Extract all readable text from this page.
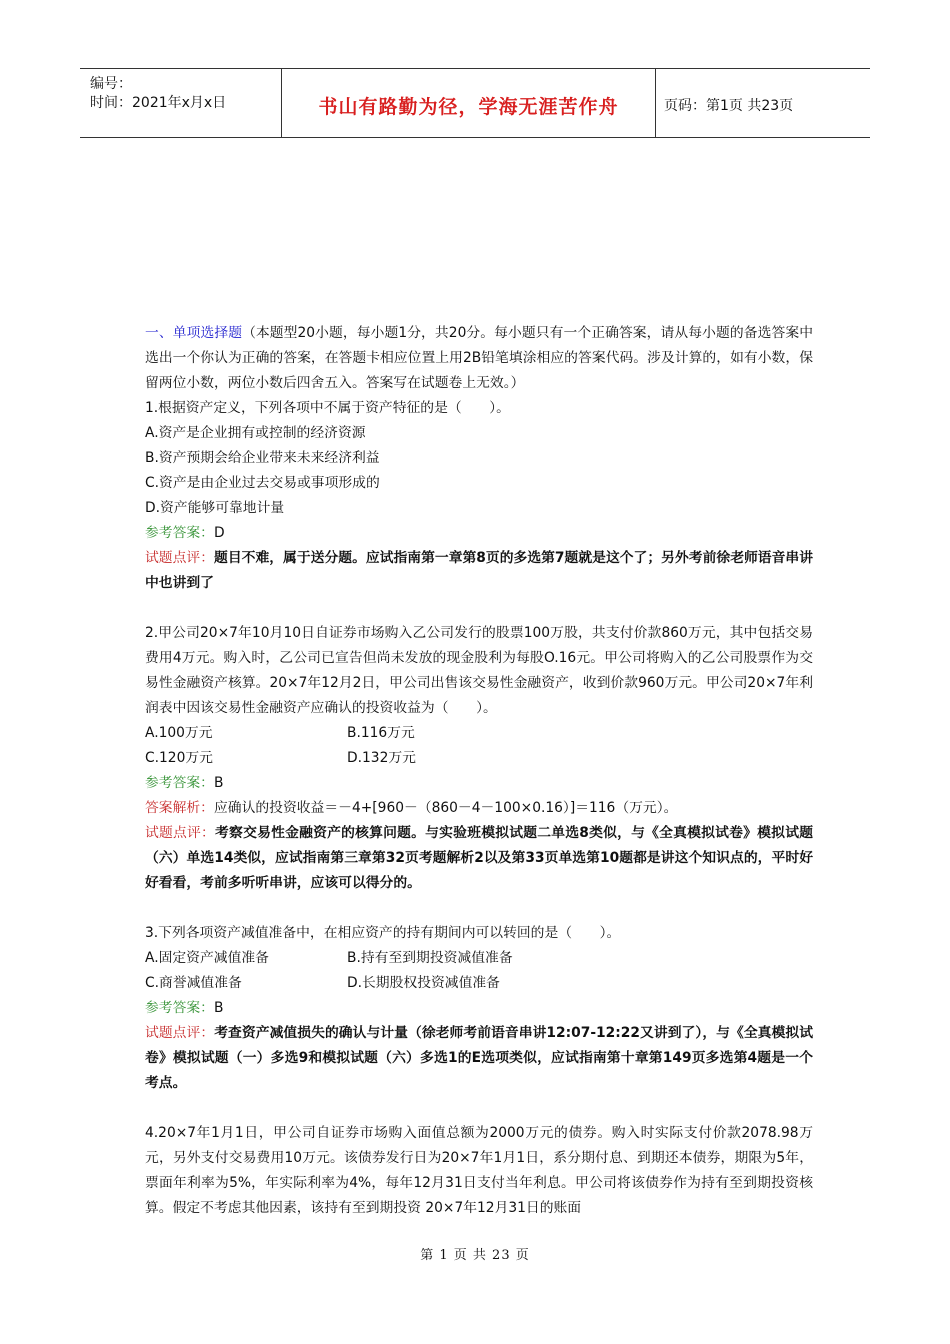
编号：
时间：2021年x月x日	书山有路勤为径，学海无涯苦作舟	页码：第1页 共23页

一、单项选择题（本题型20小题，每小题1分，共20分。每小题只有一个正确答案，请从每小题的备选答案中选出一个你认为正确的答案，在答题卡相应位置上用2B铅笔填涂相应的答案代码。涉及计算的，如有小数，保留两位小数，两位小数后四舍五入。答案写在试题卷上无效。）

1.根据资产定义，下列各项中不属于资产特征的是（　　）。

A.资产是企业拥有或控制的经济资源

B.资产预期会给企业带来未来经济利益

C.资产是由企业过去交易或事项形成的

D.资产能够可靠地计量

参考答案：D

试题点评：题目不难，属于送分题。应试指南第一章第8页的多选第7题就是这个了；另外考前徐老师语音串讲中也讲到了

2.甲公司20×7年10月10日自证券市场购入乙公司发行的股票100万股，共支付价款860万元，其中包括交易费用4万元。购入时，乙公司已宣告但尚未发放的现金股利为每股O.16元。甲公司将购入的乙公司股票作为交易性金融资产核算。20×7年12月2日，甲公司出售该交易性金融资产，收到价款960万元。甲公司20×7年利润表中因该交易性金融资产应确认的投资收益为（　　）。

A.100万元	B.116万元
C.120万元	D.132万元

参考答案：B

答案解析：应确认的投资收益＝－4+[960－（860－4－100×0.16）]＝116（万元）。

试题点评：考察交易性金融资产的核算问题。与实验班模拟试题二单选8类似，与《全真模拟试卷》模拟试题（六）单选14类似，应试指南第三章第32页考题解析2以及第33页单选第10题都是讲这个知识点的，平时好好看看，考前多听听串讲，应该可以得分的。

3.下列各项资产减值准备中，在相应资产的持有期间内可以转回的是（　　）。

A.固定资产减值准备	B.持有至到期投资减值准备
C.商誉减值准备	D.长期股权投资减值准备

参考答案：B

试题点评：考查资产减值损失的确认与计量（徐老师考前语音串讲12:07-12:22又讲到了），与《全真模拟试卷》模拟试题（一）多选9和模拟试题（六）多选1的E选项类似，应试指南第十章第149页多选第4题是一个考点。

4.20×7年1月1日，甲公司自证券市场购入面值总额为2000万元的债券。购入时实际支付价款2078.98万元，另外支付交易费用10万元。该债券发行日为20×7年1月1日，系分期付息、到期还本债券，期限为5年，票面年利率为5%，年实际利率为4%，每年12月31日支付当年利息。甲公司将该债券作为持有至到期投资核算。假定不考虑其他因素，该持有至到期投资 20×7年12月31日的账面

第 1 页 共 23 页
